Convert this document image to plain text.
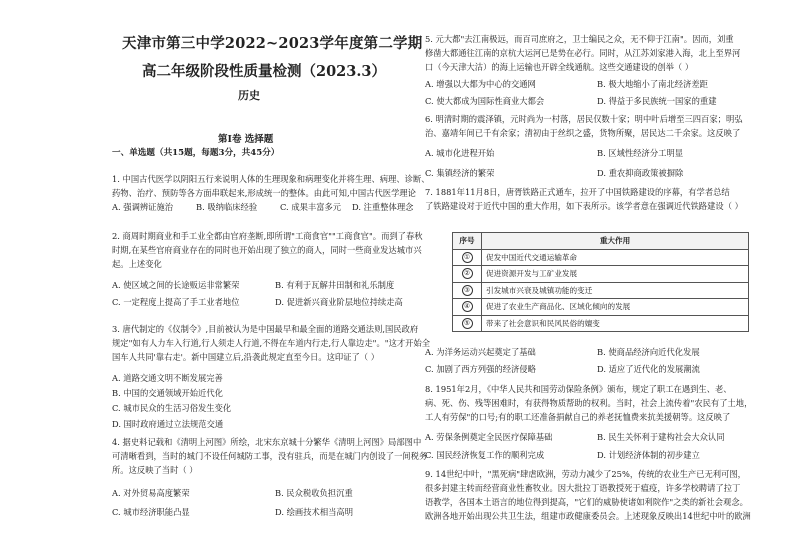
天津市第三中学2022~2023学年度第二学期
高二年级阶段性质量检测（2023.3）
历史
第Ⅰ卷 选择题
一、单选题（共15题，每题3分，共45分）
1. 中国古代医学以阴阳五行来说明人体的生理现象和病理变化并将生理、病理、诊断、
药物、治疗、预防等各方面串联起来,形成统一的整体。由此可知,中国古代医学理论
2. 商周时期商业和手工业全都由官府垄断,即所谓"工商食官""工商食官"。而到了春秋
时期,在某些官府商业存在的同时也开始出现了独立的商人，同时一些商业发达城市兴
起。上述变化
3. 唐代制定的《仪制令》,目前被认为是中国最早和最全面的道路交通法则,国民政府
规定"如有人力车入行道,行人须走人行道,不得在车道内行走,行人靠边走"。"这才开始全
国车人共同'靠右走'。新中国建立后,沿袭此规定直至今日。这印证了（ ）
4. 据史料记载和《清明上河图》所绘，北宋东京城十分繁华《清明上河图》局部图中
可清晰看到，当时的城门不设任何城防工事，没有驻兵，而是在城门内创设了一间税务
所。这反映了当时（ ）
A. 强调辨证施治	B. 吸纳临床经验	C. 成果丰富多元 D. 注重整体理念
A. 使区域之间的长途贩运非常繁荣	B. 有利于瓦解井田制和礼乐制度
C. 一定程度上提高了手工业者地位	D. 促进新兴商业阶层地位持续走高
A. 道路交通文明不断发展完善
B. 中国的交通领域开始近代化
C. 城市民众的生活习俗发生变化
D. 国时政府通过立法规范交通
A. 对外贸易高度繁荣	B. 民众税收负担沉重
C. 城市经济职能凸显	D. 绘画技术相当高明
5. 元大都"去江南极远，而百司庶府之，卫士编民之众，无不仰于江南"。因而，刘重
修凿大都通往江南的京杭大运河已是势在必行。同时，从江苏刘家港入海，北上至界河
口（今天津大沽）的海上运输也开辟全线通航。这些交通建设的创举（ ）
6. 明清时期的震泽镇，元时尚为一村落，居民仅数十家；明中叶后增至三四百家；明弘
治、嘉靖年间已千有余家；清初由于丝织之盛，货物所聚，居民达二千余家。这反映了
7. 1881年11月8日，唐胥铁路正式通车，拉开了中国铁路建设的序幕，有学者总结
了铁路建设对于近代中国的重大作用，如下表所示。该学者意在强调近代铁路建设（ ）
8. 1951年2月，《中华人民共和国劳动保险条例》颁布，规定了职工在遇到生、老、
病、死、伤、残等困难时，有获得物质帮助的权利。当时，社会上流传着"农民有了土地，
工人有劳保"的口号;有的职工还准备捐献自己的养老抚恤费来抗美援朝等。这反映了
9. 14世纪中叶，"黑死病"肆虐欧洲，劳动力减少了25%，传统的农业生产已无利可图，
很多封建主转而经营商业性畜牧业。因大批拉丁语教授死于瘟疫，许多学校聘请了拉丁
语教学，各国本土语言的地位得到提高，"它们的威胁使诸如利院作"之类的新社会观念。
欧洲各地开始出现公共卫生法，组建市政健康委员会。上述现象反映出14世纪中叶的欧洲
A. 增强以大都为中心的交通网	B. 极大地缩小了南北经济差距
C. 使大都成为国际性商业大都会	D. 得益于多民族统一国家的重建
A. 城市化进程开始	B. 区域性经济分工明显
C. 集镇经济的繁荣	D. 重农抑商政策被摒除
A. 为洋务运动兴起奠定了基础	B. 使商品经济向近代化发展
C. 加剧了西方列强的经济侵略	D. 适应了近代化的发展潮流
A. 劳保条例奠定全民医疗保障基础	B. 民生关怀利于建构社会大众认同
C. 国民经济恢复工作的顺利完成	D. 计划经济体制的初步建立
序号	重大作用
①	促发中国近代交通运输革命
②	促进资源开发与工矿业发展
③	引发城市兴衰及城镇功能的变迁
④	促进了农业生产商品化、区域化倾向的发展
⑤	带来了社会意识和民风民俗的嬗变
